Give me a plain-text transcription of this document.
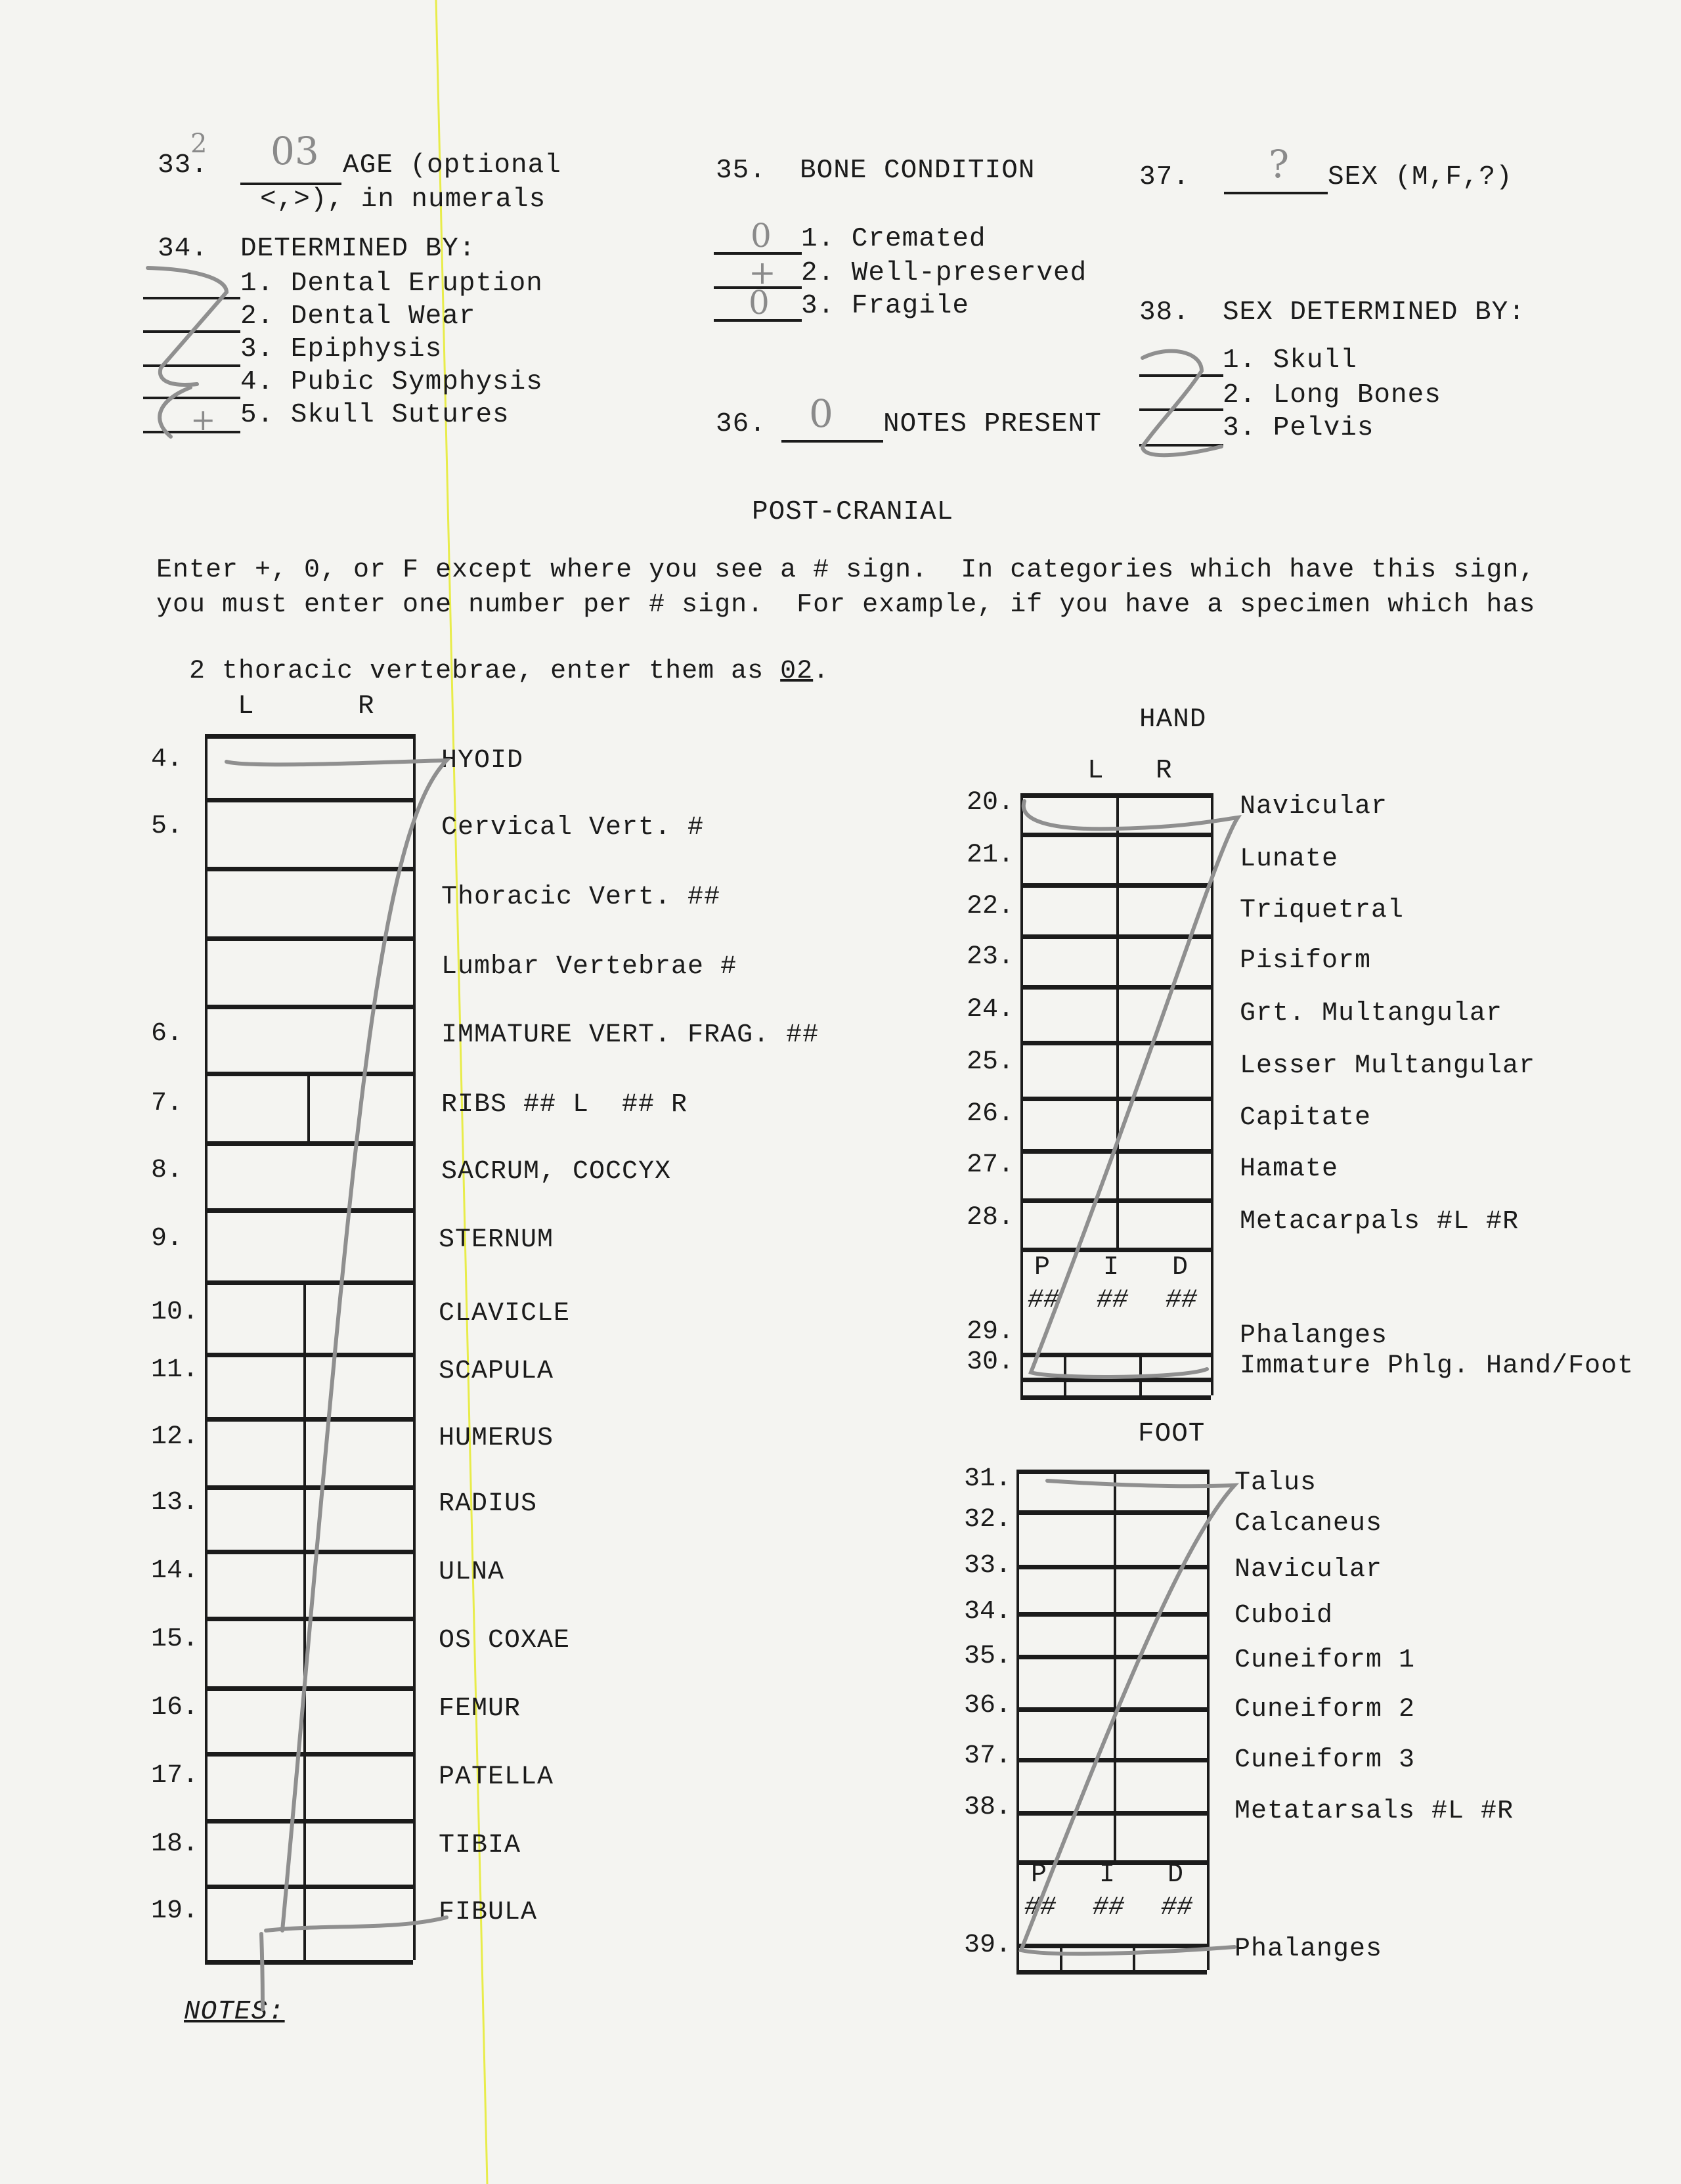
33.
2 03 AGE (optional
<,>), in numerals
34. DETERMINED BY:
1. Dental Eruption
2. Dental Wear
3. Epiphysis
4. Pubic Symphysis
5. Skull Sutures
+
35. BONE CONDITION
0 1. Cremated
+ 2. Well-preserved
0 3. Fragile
36. 0 NOTES PRESENT
37. ? SEX (M,F,?)
38. SEX DETERMINED BY:
1. Skull
2. Long Bones
3. Pelvis
POST-CRANIAL
Enter +, 0, or F except where you see a # sign.  In categories which have this sign,
you must enter one number per # sign.  For example, if you have a specimen which has

2 thoracic vertebrae, enter them as 02.

L	R
4.	HYOID
5.	Cervical Vert. #
Thoracic Vert. ##
Lumbar Vertebrae #
6.	IMMATURE VERT. FRAG. ##
7.	RIBS ## L  ## R
8.	SACRUM, COCCYX
9.	STERNUM
10.	CLAVICLE
11.	SCAPULA
12.	HUMERUS
13.	RADIUS
14.	ULNA
15.	OS COXAE
16.	FEMUR
17.	PATELLA
18.	TIBIA
19.	FIBULA
HAND
L R
P
##
I
##
D
##
20.	Navicular
21.	Lunate
22.	Triquetral
23.	Pisiform
24.	Grt. Multangular
25.	Lesser Multangular
26.	Capitate
27.	Hamate
28.	Metacarpals #L #R
29.	Phalanges
30.	Immature Phlg. Hand/Foot
FOOT
P
##
I
##
D
##
31.	Talus
32.	Calcaneus
33.	Navicular
34.	Cuboid
35.	Cuneiform 1
36.	Cuneiform 2
37.	Cuneiform 3
38.	Metatarsals #L #R
39.	Phalanges
NOTES:
